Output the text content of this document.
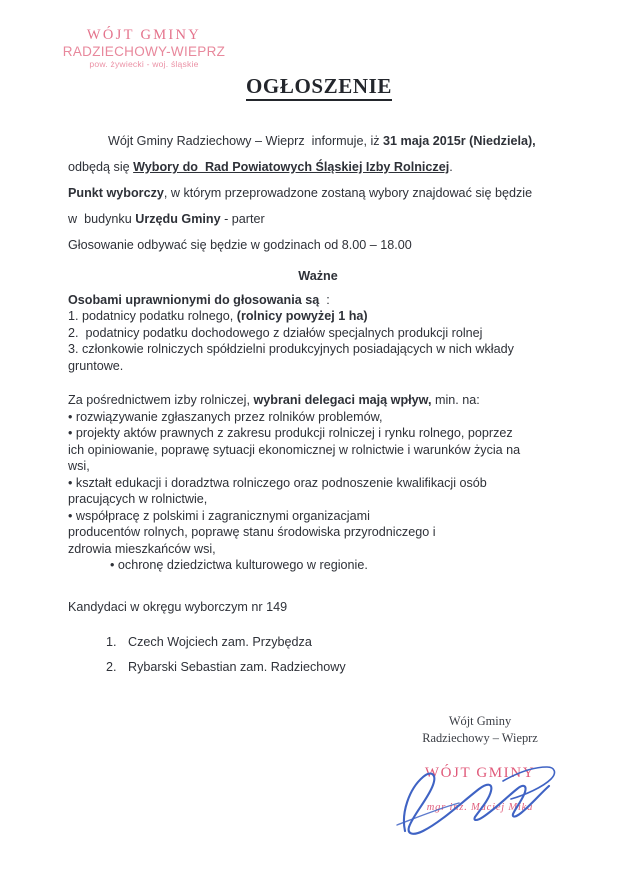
WÓJT GMINY
RADZIECHOWY-WIEPRZ
pow. żywiecki - woj. śląskie
OGŁOSZENIE

Wójt Gminy Radziechowy – Wieprz  informuje, iż 31 maja 2015r (Niedziela),

odbędą się Wybory do  Rad Powiatowych Śląskiej Izby Rolniczej.

Punkt wyborczy, w którym przeprowadzone zostaną wybory znajdować się będzie

w  budynku Urzędu Gminy - parter

Głosowanie odbywać się będzie w godzinach od 8.00 – 18.00

Ważne

Osobami uprawnionymi do głosowania są  :

1. podatnicy podatku rolnego, (rolnicy powyżej 1 ha)

2.  podatnicy podatku dochodowego z działów specjalnych produkcji rolnej

3. członkowie rolniczych spółdzielni produkcyjnych posiadających w nich wkłady

gruntowe.

Za pośrednictwem izby rolniczej, wybrani delegaci mają wpływ, min. na:

• rozwiązywanie zgłaszanych przez rolników problemów,

• projekty aktów prawnych z zakresu produkcji rolniczej i rynku rolnego, poprzez

ich opiniowanie, poprawę sytuacji ekonomicznej w rolnictwie i warunków życia na

wsi,

• kształt edukacji i doradztwa rolniczego oraz podnoszenie kwalifikacji osób

pracujących w rolnictwie,

• współpracę z polskimi i zagranicznymi organizacjami

producentów rolnych, poprawę stanu środowiska przyrodniczego i

zdrowia mieszkańców wsi,

• ochronę dziedzictwa kulturowego w regionie.

Kandydaci w okręgu wyborczym nr 149

1. Czech Wojciech zam. Przybędza
2. Rybarski Sebastian zam. Radziechowy
Wójt Gminy
Radziechowy – Wieprz
WÓJT GMINY
mgr inż. Maciej Mika
